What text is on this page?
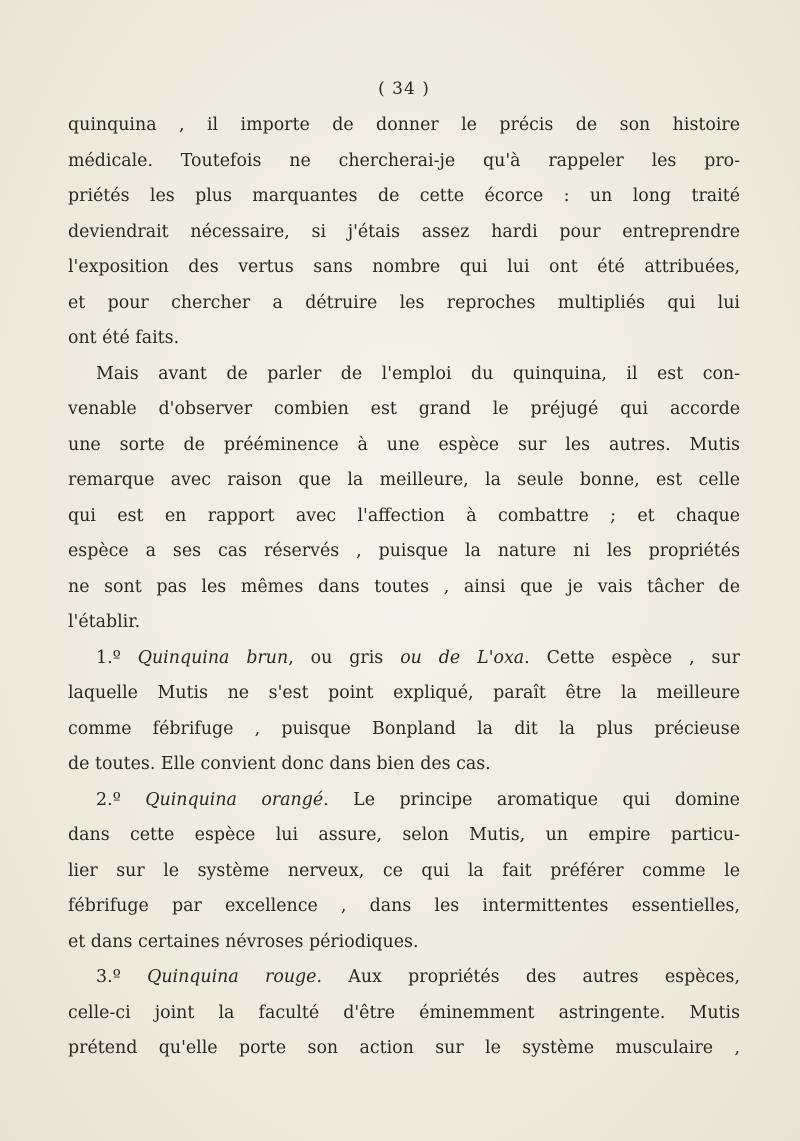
( 34 )
quinquina , il importe de donner le précis de son histoire
médicale. Toutefois ne chercherai-je qu'à rappeler les pro-
priétés les plus marquantes de cette écorce : un long traité
deviendrait nécessaire, si j'étais assez hardi pour entreprendre
l'exposition des vertus sans nombre qui lui ont été attribuées,
et pour chercher a détruire les reproches multipliés qui lui
ont été faits.
Mais avant de parler de l'emploi du quinquina, il est con-
venable d'observer combien est grand le préjugé qui accorde
une sorte de prééminence à une espèce sur les autres. Mutis
remarque avec raison que la meilleure, la seule bonne, est celle
qui est en rapport avec l'affection à combattre ; et chaque
espèce a ses cas réservés , puisque la nature ni les propriétés
ne sont pas les mêmes dans toutes , ainsi que je vais tâcher de
l'établir.
1.º Quinquina brun, ou gris ou de L'oxa. Cette espèce , sur
laquelle Mutis ne s'est point expliqué, paraît être la meilleure
comme fébrifuge , puisque Bonpland la dit la plus précieuse
de toutes. Elle convient donc dans bien des cas.
2.º Quinquina orangé. Le principe aromatique qui domine
dans cette espèce lui assure, selon Mutis, un empire particu-
lier sur le système nerveux, ce qui la fait préférer comme le
fébrifuge par excellence , dans les intermittentes essentielles,
et dans certaines névroses périodiques.
3.º Quinquina rouge. Aux propriétés des autres espèces,
celle-ci joint la faculté d'être éminemment astringente. Mutis
prétend qu'elle porte son action sur le système musculaire ,
